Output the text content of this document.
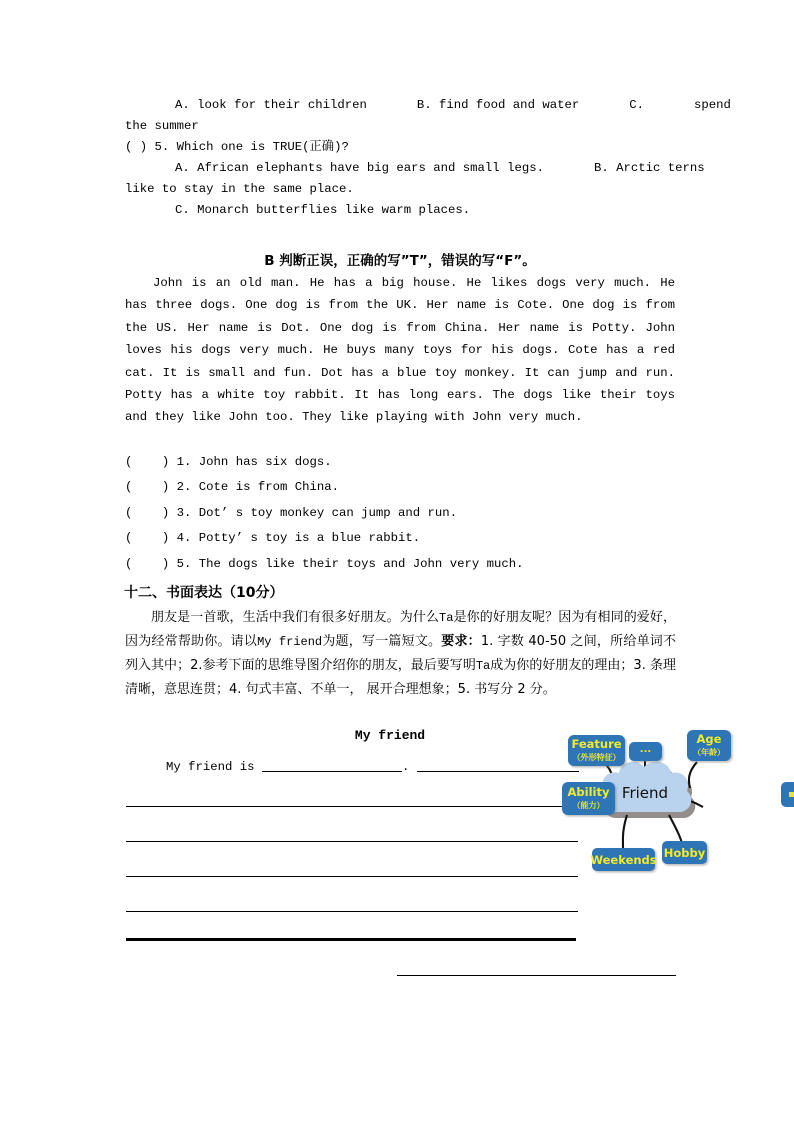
A. look for their children	B. find food and water	C.	spend
the summer
( ) 5. Which one is TRUE(正确)?
A. African elephants have big ears and small legs.	B. Arctic terns
like to stay in the same place.
C. Monarch butterflies like warm places.
B 判断正误，正确的写”T”，错误的写“F”。

John is an old man. He has a big house. He likes dogs very much. He has three dogs. One dog is from the UK. Her name is Cote. One dog is from the US. Her name is Dot. One dog is from China. Her name is Potty. John loves his dogs very much. He buys many toys for his dogs. Cote has a red cat. It is small and fun. Dot has a blue toy monkey. It can jump and run. Potty has a white toy rabbit. It has long ears. The dogs like their toys and they like John too. They like playing with John very much.

(    ) 1. John has six dogs.
(    ) 2. Cote is from China.
(    ) 3. Dot’ s toy monkey can jump and run.
(    ) 4. Potty’ s toy is a blue rabbit.
(    ) 5. The dogs like their toys and John very much.
十二、书面表达（10分）

朋友是一首歌，生活中我们有很多好朋友。为什么Ta是你的好朋友呢？因为有相同的爱好，因为经常帮助你。请以My friend为题，写一篇短文。要求：1. 字数 40-50 之间，所给单词不列入其中；2.参考下面的思维导图介绍你的朋友，最后要写明Ta成为你的好朋友的理由；3. 条理清晰，意思连贯；4. 句式丰富、不单一， 展开合理想象；5. 书写分 2 分。

My friend
My friend is	.
Friend
Feature
（外形特征）
...
Age
（年龄）
Ability
（能力）
Weekends Hobby
